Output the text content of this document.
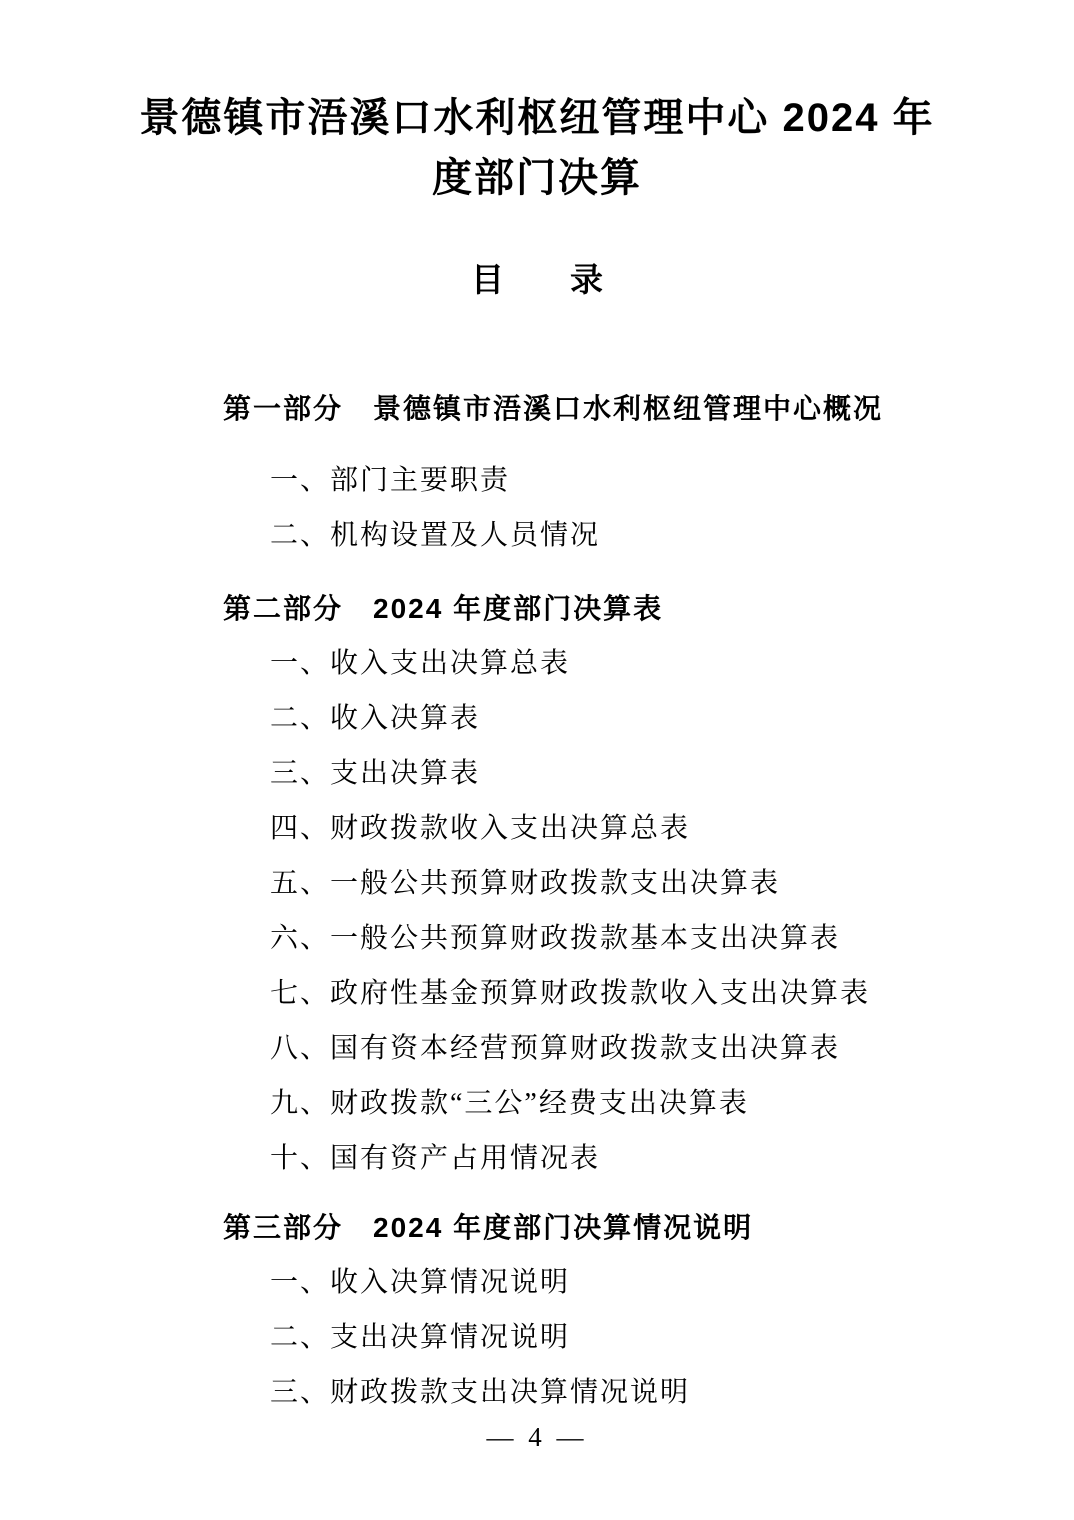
景德镇市浯溪口水利枢纽管理中心 2024 年
度部门决算
目　　录
第一部分　景德镇市浯溪口水利枢纽管理中心概况
一、部门主要职责
二、机构设置及人员情况
第二部分　2024 年度部门决算表
一、收入支出决算总表
二、收入决算表
三、支出决算表
四、财政拨款收入支出决算总表
五、一般公共预算财政拨款支出决算表
六、一般公共预算财政拨款基本支出决算表
七、政府性基金预算财政拨款收入支出决算表
八、国有资本经营预算财政拨款支出决算表
九、财政拨款“三公”经费支出决算表
十、国有资产占用情况表
第三部分　2024 年度部门决算情况说明
一、收入决算情况说明
二、支出决算情况说明
三、财政拨款支出决算情况说明
— 4 —
